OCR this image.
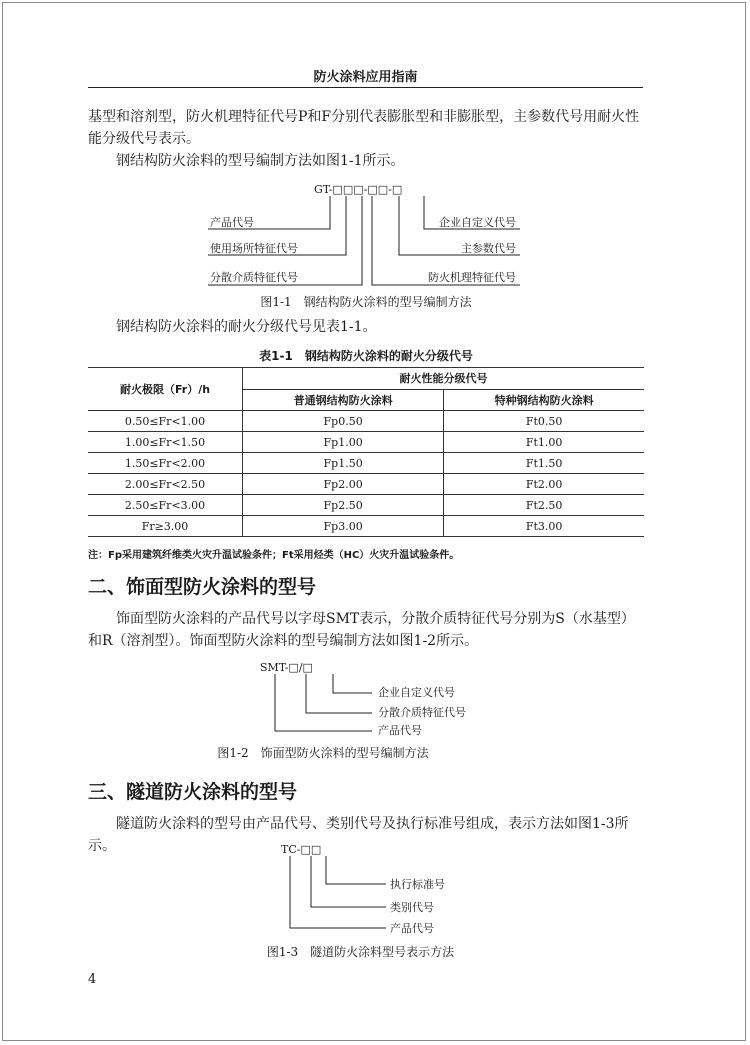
防火涂料应用指南

基型和溶剂型，防火机理特征代号P和F分别代表膨胀型和非膨胀型，主参数代号用耐火性能分级代号表示。

钢结构防火涂料的型号编制方法如图1-1所示。

GT-□□□-□□-□
产品代号
使用场所特征代号
分散介质特征代号
企业自定义代号
主参数代号
防火机理特征代号
图1-1　钢结构防火涂料的型号编制方法

钢结构防火涂料的耐火分级代号见表1-1。

表1-1　钢结构防火涂料的耐火分级代号
耐火极限（Fr）/h	耐火性能分级代号	
	普通钢结构防火涂料	特种钢结构防火涂料
0.50≤Fr<1.00	Fp0.50	Ft0.50
1.00≤Fr<1.50	Fp1.00	Ft1.00
1.50≤Fr<2.00	Fp1.50	Ft1.50
2.00≤Fr<2.50	Fp2.00	Ft2.00
2.50≤Fr<3.00	Fp2.50	Ft2.50
Fr≥3.00	Fp3.00	Ft3.00
注：Fp采用建筑纤维类火灾升温试验条件；Ft采用烃类（HC）火灾升温试验条件。
二、饰面型防火涂料的型号

饰面型防火涂料的产品代号以字母SMT表示，分散介质特征代号分别为S（水基型）和R（溶剂型）。饰面型防火涂料的型号编制方法如图1-2所示。

SMT-□/□
企业自定义代号
分散介质特征代号
产品代号
图1-2　饰面型防火涂料的型号编制方法
三、隧道防火涂料的型号

隧道防火涂料的型号由产品代号、类别代号及执行标准号组成，表示方法如图1-3所示。	TC-□□
执行标准号
类别代号
产品代号
图1-3　隧道防火涂料型号表示方法
4
